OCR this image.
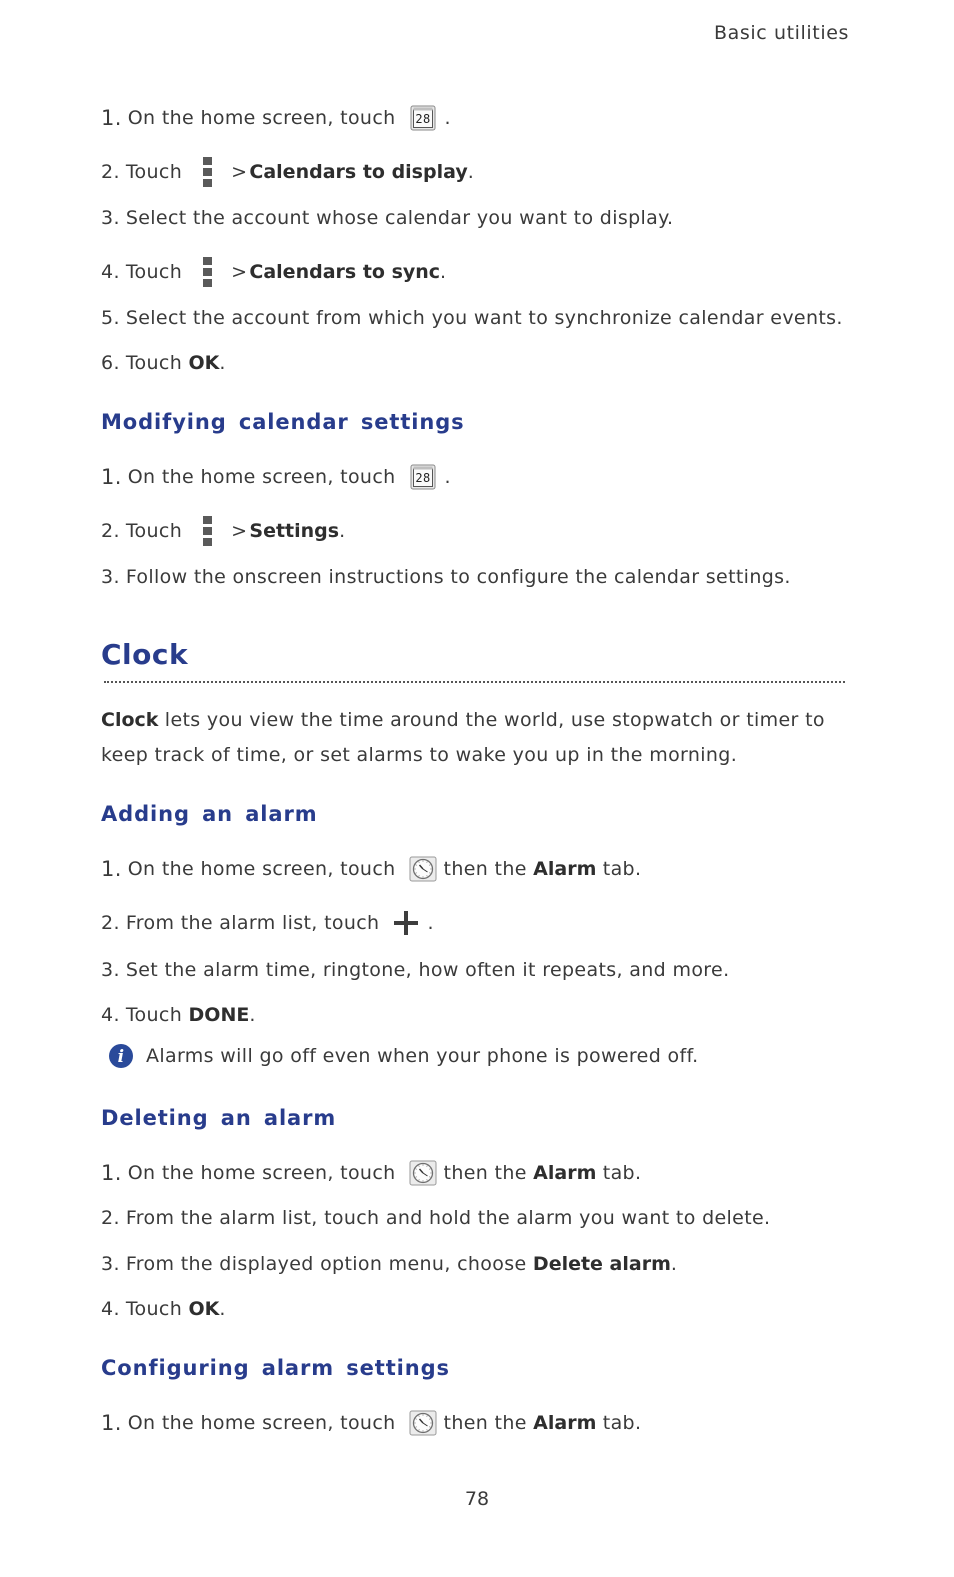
Basic utilities
1. On the home screen, touch 28 .
2. Touch	> Calendars to display .
3. Select the account whose calendar you want to display.
4. Touch	> Calendars to sync .
5. Select the account from which you want to synchronize calendar events.
6. Touch
OK .
Modifying calendar settings
1. On the home screen, touch 28 .
2. Touch	> Settings .
3. Follow the onscreen instructions to configure the calendar settings.
Clock
Clock lets you view the time around the world, use stopwatch or timer to keep track of time, or set alarms to wake you up in the morning.
Adding an alarm
1. On the home screen, touch	then the
Alarm
tab.
2. From the alarm list, touch	.
3. Set the alarm time, ringtone, how often it repeats, and more.
4. Touch
DONE .
i Alarms will go off even when your phone is powered off.
Deleting an alarm
1. On the home screen, touch	then the
Alarm
tab.
2. From the alarm list, touch and hold the alarm you want to delete.
3. From the displayed option menu, choose
Delete alarm .
4. Touch
OK .
Configuring alarm settings
1. On the home screen, touch	then the
Alarm
tab.
78
